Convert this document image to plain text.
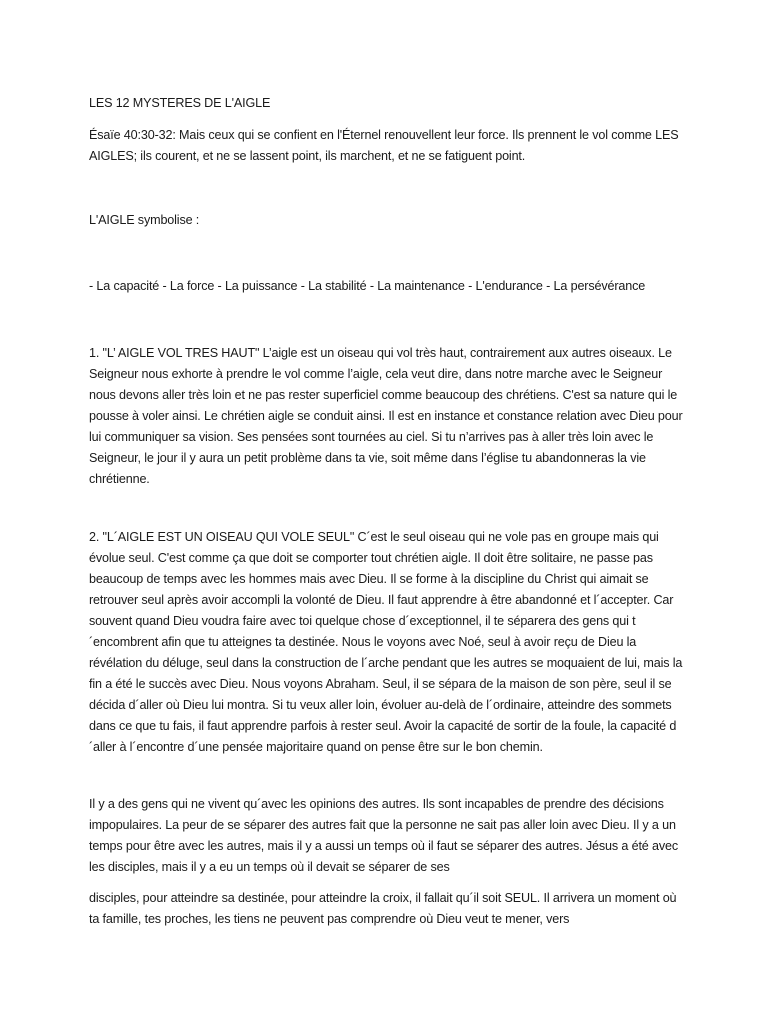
LES 12 MYSTERES DE L'AIGLE

Ésaïe 40:30-32: Mais ceux qui se confient en l'Éternel renouvellent leur force. Ils prennent le vol comme LES AIGLES; ils courent, et ne se lassent point, ils marchent, et ne se fatiguent point.

L'AIGLE symbolise :

- La capacité - La force - La puissance - La stabilité - La maintenance - L'endurance - La persévérance

1. "L’ AIGLE VOL TRES HAUT" L’aigle est un oiseau qui vol très haut, contrairement aux autres oiseaux. Le Seigneur nous exhorte à prendre le vol comme l’aigle, cela veut dire, dans notre marche avec le Seigneur nous devons aller très loin et ne pas rester superficiel comme beaucoup des chrétiens. C'est sa nature qui le pousse à voler ainsi. Le chrétien aigle se conduit ainsi. Il est en instance et constance relation avec Dieu pour lui communiquer sa vision. Ses pensées sont tournées au ciel. Si tu n’arrives pas à aller très loin avec le Seigneur, le jour il y aura un petit problème dans ta vie, soit même dans l’église tu abandonneras la vie chrétienne.

2. "L´AIGLE EST UN OISEAU QUI VOLE SEUL" C´est le seul oiseau qui ne vole pas en groupe mais qui évolue seul. C'est comme ça que doit se comporter tout chrétien aigle. Il doit être solitaire, ne passe pas beaucoup de temps avec les hommes mais avec Dieu. Il se forme à la discipline du Christ qui aimait se retrouver seul après avoir accompli la volonté de Dieu. Il faut apprendre à être abandonné et l´accepter. Car souvent quand Dieu voudra faire avec toi quelque chose d´exceptionnel, il te séparera des gens qui t´encombrent afin que tu atteignes ta destinée. Nous le voyons avec Noé, seul à avoir reçu de Dieu la révélation du déluge, seul dans la construction de l´arche pendant que les autres se moquaient de lui, mais la fin a été le succès avec Dieu. Nous voyons Abraham. Seul, il se sépara de la maison de son père, seul il se décida d´aller où Dieu lui montra. Si tu veux aller loin, évoluer au-delà de l´ordinaire, atteindre des sommets dans ce que tu fais, il faut apprendre parfois à rester seul. Avoir la capacité de sortir de la foule, la capacité d´aller à l´encontre d´une pensée majoritaire quand on pense être sur le bon chemin.

Il y a des gens qui ne vivent qu´avec les opinions des autres. Ils sont incapables de prendre des décisions impopulaires. La peur de se séparer des autres fait que la personne ne sait pas aller loin avec Dieu. Il y a un temps pour être avec les autres, mais il y a aussi un temps où il faut se séparer des autres. Jésus a été avec les disciples, mais il y a eu un temps où il devait se séparer de ses

disciples, pour atteindre sa destinée, pour atteindre la croix, il fallait qu´il soit SEUL. Il arrivera un moment où ta famille, tes proches, les tiens ne peuvent pas comprendre où Dieu veut te mener, vers
